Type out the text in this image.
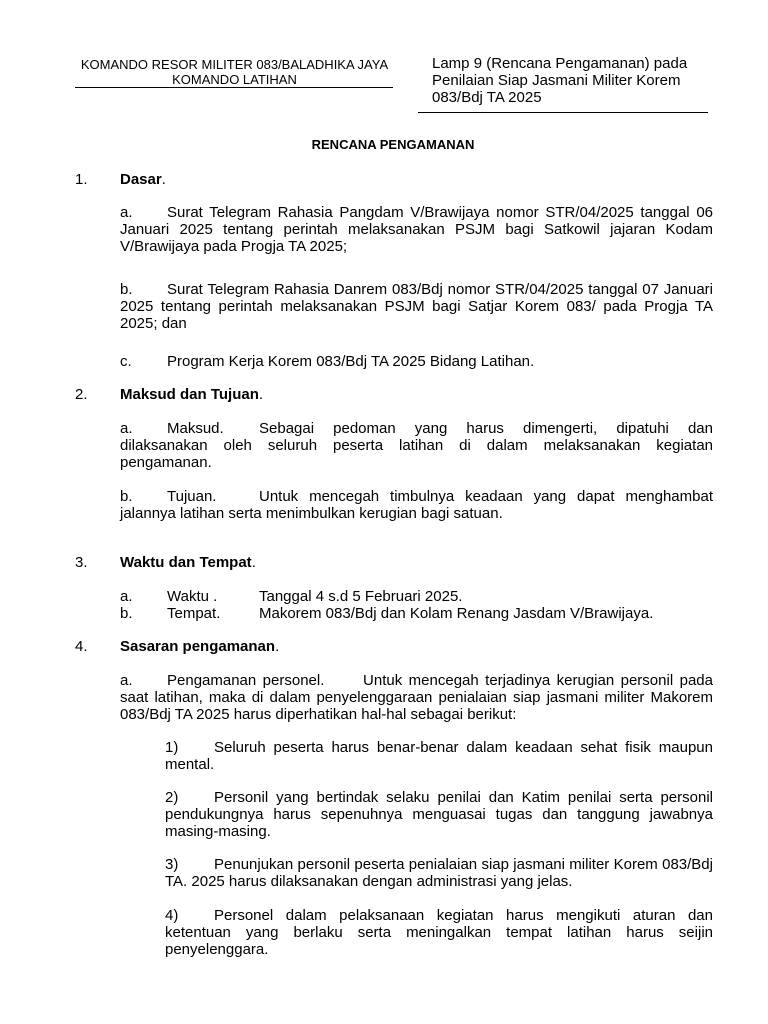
KOMANDO RESOR MILITER 083/BALADHIKA JAYA
KOMANDO LATIHAN
Lamp 9 (Rencana Pengamanan) pada Penilaian Siap Jasmani Militer Korem 083/Bdj TA 2025
RENCANA PENGAMANAN
1. Dasar.
a. Surat Telegram Rahasia Pangdam V/Brawijaya nomor STR/04/2025 tanggal 06 Januari 2025 tentang perintah melaksanakan PSJM bagi Satkowil jajaran Kodam V/Brawijaya pada Progja TA 2025;
b. Surat Telegram Rahasia Danrem 083/Bdj nomor STR/04/2025 tanggal 07 Januari 2025 tentang perintah melaksanakan PSJM bagi Satjar Korem 083/ pada Progja TA 2025; dan
c. Program Kerja Korem 083/Bdj TA 2025 Bidang Latihan.
2. Maksud dan Tujuan.
a. Maksud. Sebagai pedoman yang harus dimengerti, dipatuhi dan dilaksanakan oleh seluruh peserta latihan di dalam melaksanakan kegiatan pengamanan.
b. Tujuan.	Untuk mencegah timbulnya keadaan yang dapat menghambat jalannya latihan serta menimbulkan kerugian bagi satuan.
3. Waktu dan Tempat.
a. Waktu .	Tanggal 4 s.d 5 Februari 2025.
b. Tempat.	Makorem 083/Bdj dan Kolam Renang Jasdam V/Brawijaya.
4. Sasaran pengamanan.
a. Pengamanan personel.	Untuk mencegah terjadinya kerugian personil pada saat latihan, maka di dalam penyelenggaraan penialaian siap jasmani militer Makorem 083/Bdj TA 2025 harus diperhatikan hal-hal sebagai berikut:
1) Seluruh peserta harus benar-benar dalam keadaan sehat fisik maupun mental.
2) Personil yang bertindak selaku penilai dan Katim penilai serta personil pendukungnya harus sepenuhnya menguasai tugas dan tanggung jawabnya masing-masing.
3) Penunjukan personil peserta penialaian siap jasmani militer Korem 083/Bdj TA. 2025 harus dilaksanakan dengan administrasi yang jelas.
4) Personel dalam pelaksanaan kegiatan harus mengikuti aturan dan ketentuan yang berlaku serta meningalkan tempat latihan harus seijin penyelenggara.
